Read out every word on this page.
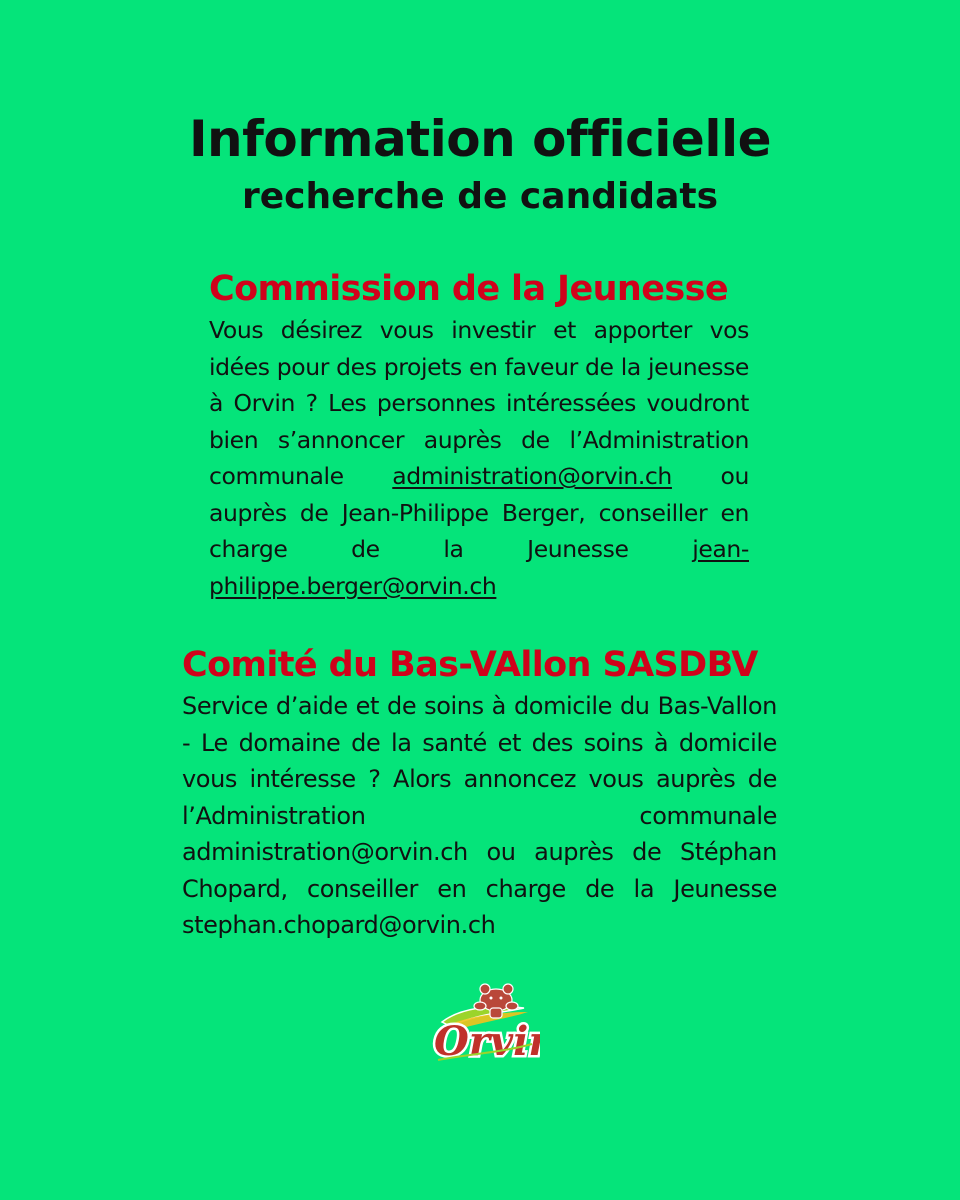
Information officielle
recherche de candidats
Commission de la Jeunesse

Vous désirez vous investir et apporter vos idées pour des projets en faveur de la jeunesse à Orvin ? Les personnes intéressées voudront bien s’annoncer auprès de l’Administration communale administration@orvin.ch ou auprès de Jean-Philippe Berger, conseiller en charge de la Jeunesse jean-philippe.berger@orvin.ch

Comité du Bas-VAllon SASDBV

Service d’aide et de soins à domicile du Bas-Vallon - Le domaine de la santé et des soins à domicile vous intéresse ? Alors annoncez vous auprès de l’Administration communale administration@orvin.ch ou auprès de Stéphan Chopard, conseiller en charge de la Jeunesse stephan.chopard@orvin.ch

Orvi
Orvi
